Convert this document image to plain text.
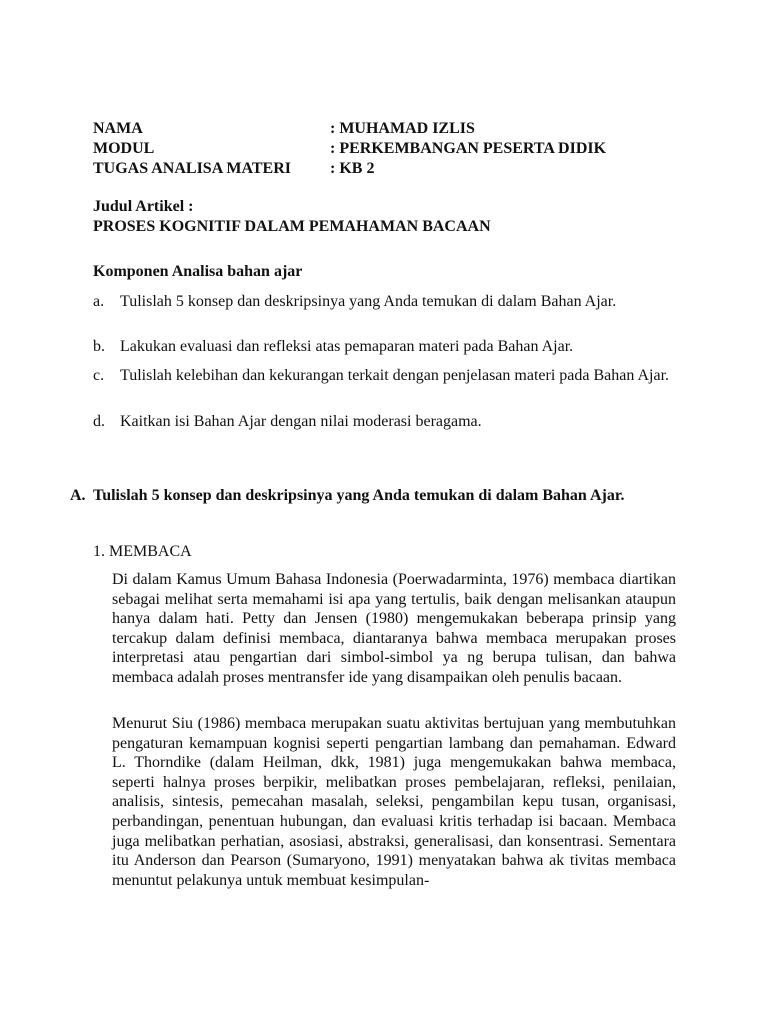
NAMA	: MUHAMAD IZLIS
MODUL	: PERKEMBANGAN PESERTA DIDIK
TUGAS ANALISA MATERI : KB 2
Judul Artikel :
PROSES KOGNITIF DALAM PEMAHAMAN BACAAN
Komponen Analisa bahan ajar
a. Tulislah 5 konsep dan deskripsinya yang Anda temukan di dalam Bahan Ajar.
b. Lakukan evaluasi dan refleksi atas pemaparan materi pada Bahan Ajar.
c. Tulislah kelebihan dan kekurangan terkait dengan penjelasan materi pada Bahan Ajar.
d. Kaitkan isi Bahan Ajar dengan nilai moderasi beragama.
A. Tulislah 5 konsep dan deskripsinya yang Anda temukan di dalam Bahan Ajar.
1. MEMBACA

Di dalam Kamus Umum Bahasa Indonesia (Poerwadarminta, 1976) membaca diartikan sebagai melihat serta memahami isi apa yang tertulis, baik dengan melisankan ataupun hanya dalam hati. Petty dan Jensen (1980) mengemukakan beberapa prinsip yang tercakup dalam definisi membaca, diantaranya bahwa membaca merupakan proses interpretasi atau pengartian dari simbol-simbol ya ng berupa tulisan, dan bahwa membaca adalah proses mentransfer ide yang disampaikan oleh penulis bacaan.

Menurut Siu (1986) membaca merupakan suatu aktivitas bertujuan yang membutuhkan pengaturan kemampuan kognisi seperti pengartian lambang dan pemahaman. Edward L. Thorndike (dalam Heilman, dkk, 1981) juga mengemukakan bahwa membaca, seperti halnya proses berpikir, melibatkan proses pembelajaran, refleksi, penilaian, analisis, sintesis, pemecahan masalah, seleksi, pengambilan kepu tusan, organisasi, perbandingan, penentuan hubungan, dan evaluasi kritis terhadap isi bacaan. Membaca juga melibatkan perhatian, asosiasi, abstraksi, generalisasi, dan konsentrasi. Sementara itu Anderson dan Pearson (Sumaryono, 1991) menyatakan bahwa ak tivitas membaca menuntut pelakunya untuk membuat kesimpulan-
